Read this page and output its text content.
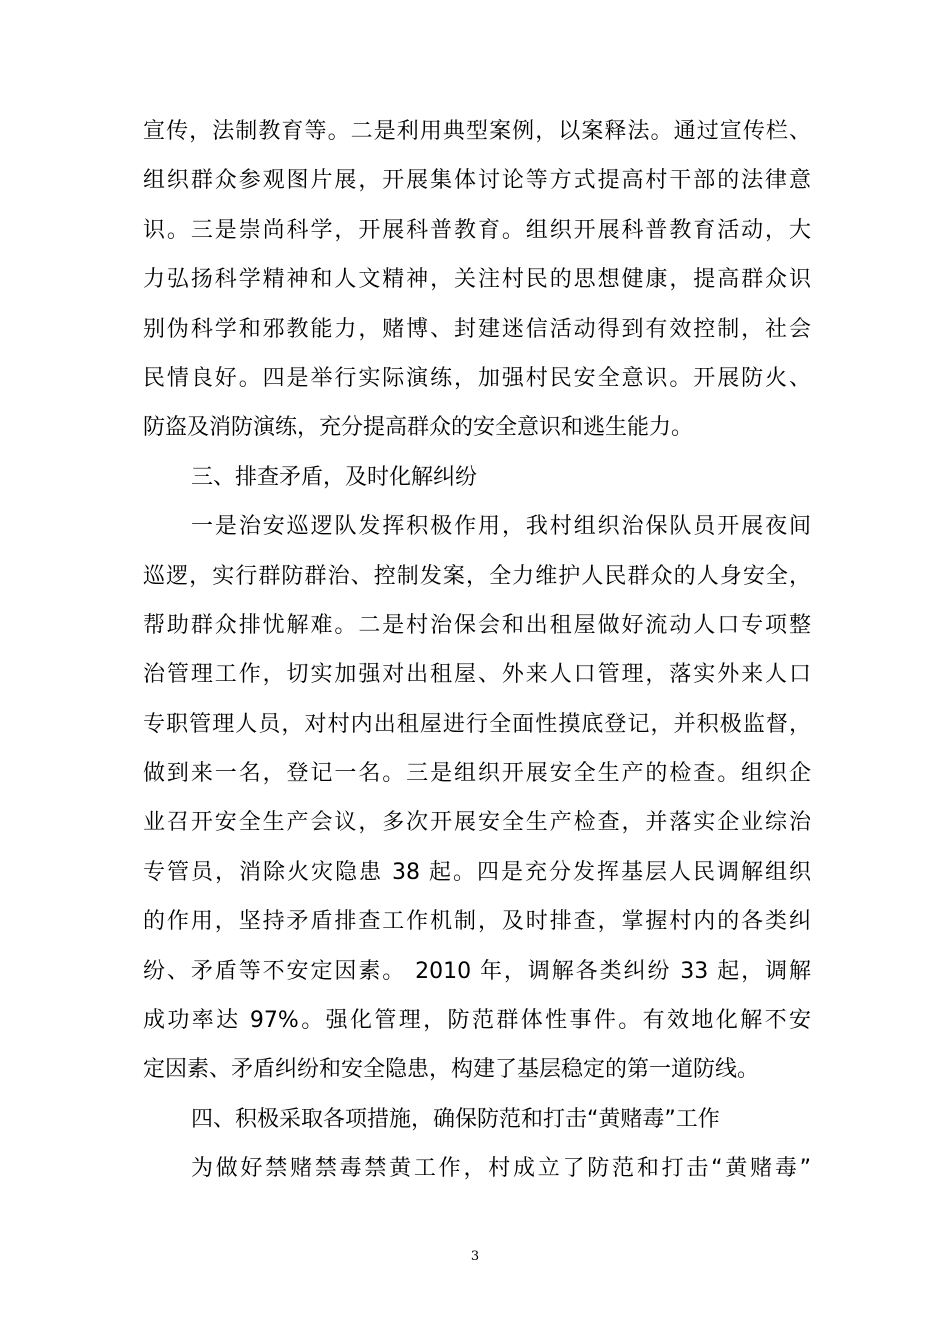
宣传，法制教育等。二是利用典型案例，以案释法。通过宣传栏、
组织群众参观图片展，开展集体讨论等方式提高村干部的法律意
识。三是崇尚科学，开展科普教育。组织开展科普教育活动，大
力弘扬科学精神和人文精神，关注村民的思想健康，提高群众识
别伪科学和邪教能力，赌博、封建迷信活动得到有效控制，社会
民情良好。四是举行实际演练，加强村民安全意识。开展防火、
防盗及消防演练，充分提高群众的安全意识和逃生能力。
三、排查矛盾，及时化解纠纷
一是治安巡逻队发挥积极作用，我村组织治保队员开展夜间
巡逻，实行群防群治、控制发案，全力维护人民群众的人身安全，
帮助群众排忧解难。二是村治保会和出租屋做好流动人口专项整
治管理工作，切实加强对出租屋、外来人口管理，落实外来人口
专职管理人员，对村内出租屋进行全面性摸底登记，并积极监督，
做到来一名，登记一名。三是组织开展安全生产的检查。组织企
业召开安全生产会议，多次开展安全生产检查，并落实企业综治
专管员，消除火灾隐患 38 起。四是充分发挥基层人民调解组织
的作用，坚持矛盾排查工作机制，及时排查，掌握村内的各类纠
纷、矛盾等不安定因素。 2010 年，调解各类纠纷 33 起，调解
成功率达 97%。强化管理，防范群体性事件。有效地化解不安
定因素、矛盾纠纷和安全隐患，构建了基层稳定的第一道防线。
四、积极采取各项措施，确保防范和打击“黄赌毒”工作
为做好禁赌禁毒禁黄工作，村成立了防范和打击“黄赌毒”
3
